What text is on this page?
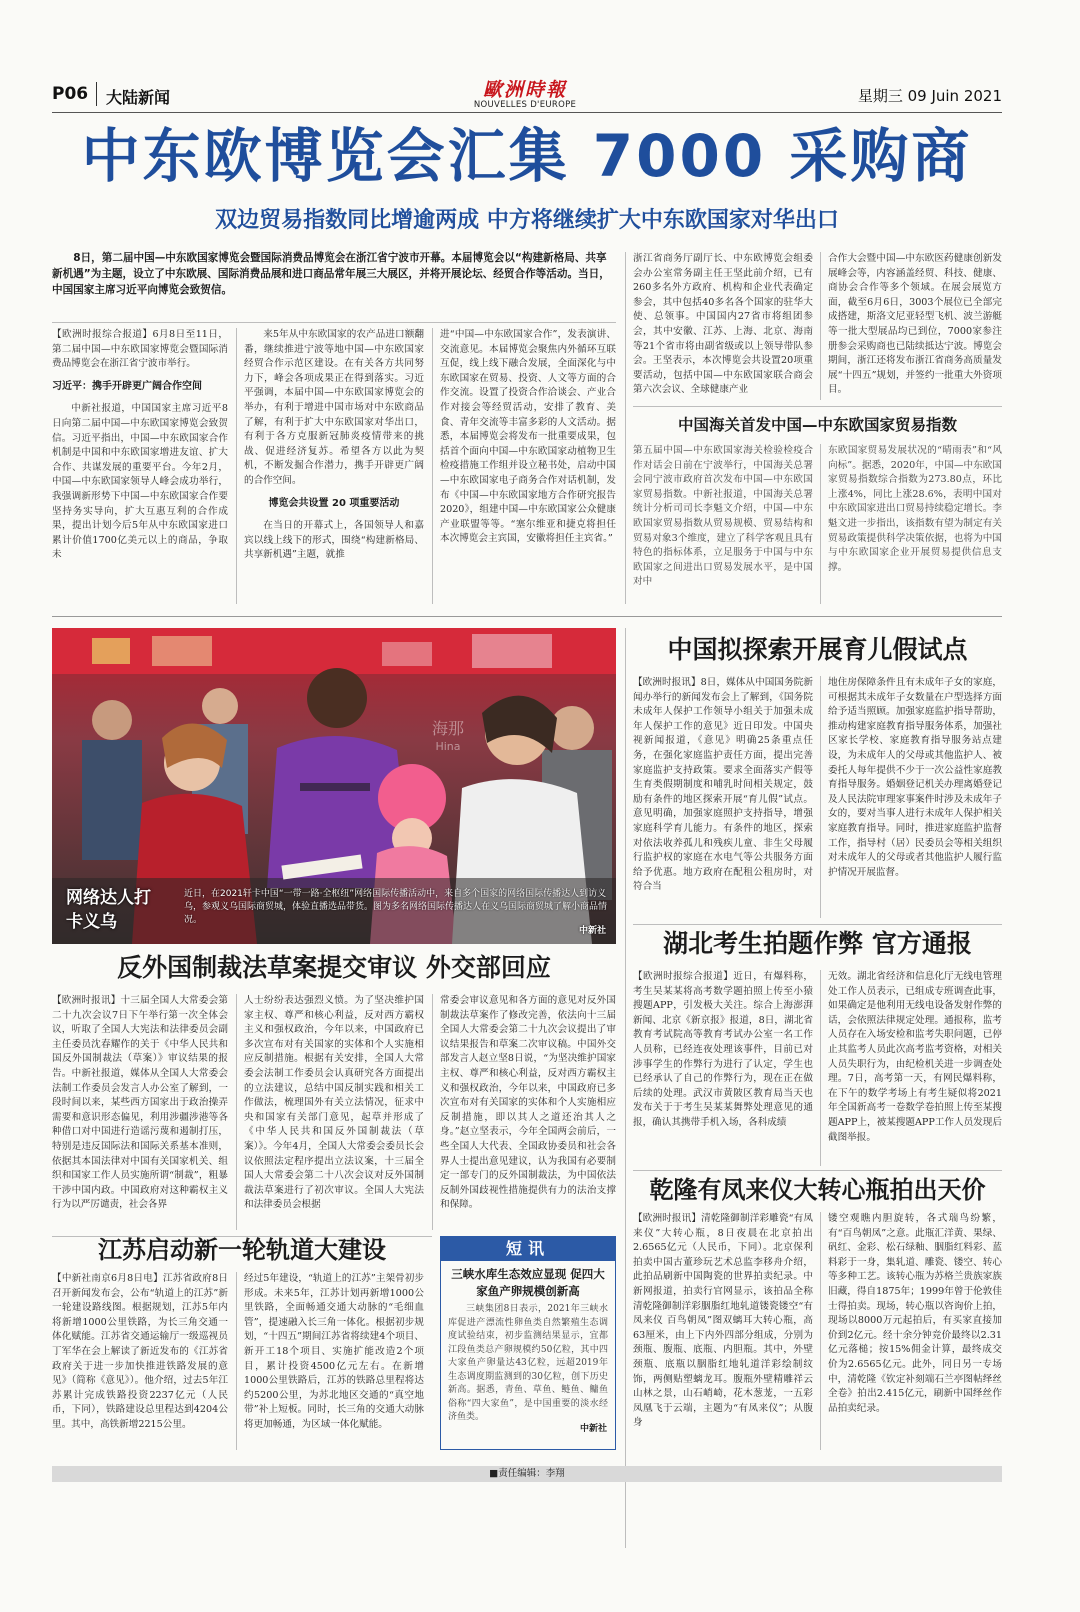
P06 大陆新闻	歐洲時報
NOUVELLES D'EUROPE	星期三 09 Juin 2021
中东欧博览会汇集 7000 采购商
双边贸易指数同比增逾两成 中方将继续扩大中东欧国家对华出口
8日，第二届中国—中东欧国家博览会暨国际消费品博览会在浙江省宁波市开幕。本届博览会以“构建新格局、共享新机遇”为主题，设立了中东欧展、国际消费品展和进口商品常年展三大展区，并将开展论坛、经贸合作等活动。当日，中国国家主席习近平向博览会致贺信。

【欧洲时报综合报道】6月8日至11日，第二届中国—中东欧国家博览会暨国际消费品博览会在浙江省宁波市举行。

习近平：携手开辟更广阔合作空间

中新社报道，中国国家主席习近平8日向第二届中国—中东欧国家博览会致贺信。习近平指出，中国—中东欧国家合作机制是中国和中东欧国家增进友谊、扩大合作、共谋发展的重要平台。今年2月，中国—中东欧国家领导人峰会成功举行，我强调新形势下中国—中东欧国家合作要坚持务实导向，扩大互惠互利的合作成果，提出计划今后5年从中东欧国家进口累计价值1700亿美元以上的商品，争取未

来5年从中东欧国家的农产品进口额翻番，继续推进宁波等地中国—中东欧国家经贸合作示范区建设。在有关各方共同努力下，峰会各项成果正在得到落实。习近平强调，本届中国—中东欧国家博览会的举办，有利于增进中国市场对中东欧商品了解，有利于扩大中东欧国家对华出口，有利于各方克服新冠肺炎疫情带来的挑战、促进经济复苏。希望各方以此为契机，不断发掘合作潜力，携手开辟更广阔的合作空间。

博览会共设置 20 项重要活动

在当日的开幕式上，各国领导人和嘉宾以线上线下的形式，围绕“构建新格局、共享新机遇”主题，就推

进“中国—中东欧国家合作”，发表演讲、交流意见。本届博览会聚焦内外循环互联互促，线上线下融合发展，全面深化与中东欧国家在贸易、投资、人文等方面的合作交流。设置了投资合作洽谈会、产业合作对接会等经贸活动，安排了教育、美食、青年交流等丰富多彩的人文活动。据悉，本届博览会将发布一批重要成果，包括首个面向中国—中东欧国家动植物卫生检疫措施工作组并设立秘书处，启动中国—中东欧国家电子商务合作对话机制，发布《中国—中东欧国家地方合作研究报告2020》，组建中国—中东欧国家公众健康产业联盟等等。“塞尔维亚和捷克将担任本次博览会主宾国，安徽将担任主宾省。”

浙江省商务厅副厅长、中东欧博览会组委会办公室常务副主任王坚此前介绍，已有260多名外方政府、机构和企业代表确定参会，其中包括40多名各个国家的驻华大使、总领事。中国国内27省市将组团参会，其中安徽、江苏、上海、北京、海南等21个省市将由副省级或以上领导带队参会。王坚表示，本次博览会共设置20项重要活动，包括中国—中东欧国家联合商会第六次会议、全球健康产业

合作大会暨中国—中东欧医药健康创新发展峰会等，内容涵盖经贸、科技、健康、商协会合作等多个领域。在展会展览方面，截至6月6日，3003个展位已全部完成搭建，斯洛文尼亚轻型飞机、波兰游艇等一批大型展品均已到位，7000家参注册参会采购商也已陆续抵达宁波。博览会期间，浙江还将发布浙江省商务高质量发展“十四五”规划，并签约一批重大外资项目。

中国海关首发中国—中东欧国家贸易指数

第五届中国—中东欧国家海关检验检疫合作对话会日前在宁波举行，中国海关总署会同宁波市政府首次发布中国—中东欧国家贸易指数。中新社报道，中国海关总署统计分析司司长李魁文介绍，中国—中东欧国家贸易指数从贸易规模、贸易结构和贸易对象3个维度，建立了科学客观且具有特色的指标体系，立足服务于中国与中东欧国家之间进出口贸易发展水平，是中国对中

东欧国家贸易发展状况的“晴雨表”和“风向标”。据悉，2020年，中国—中东欧国家贸易指数综合指数为273.80点，环比上涨4%，同比上涨28.6%，表明中国对中东欧国家进出口贸易持续稳定增长。李魁文进一步指出，该指数有望为制定有关贸易政策提供科学决策依据，也将为中国与中东欧国家企业开展贸易提供信息支撑。

海那
Hina
网络达人打卡义乌
近日，在2021轩卡中国“一带一路·全枢纽”网络国际传播活动中，来自多个国家的网络国际传播达人到访义乌，参观义乌国际商贸城，体验直播选品带货。图为多名网络国际传播达人在义乌国际商贸城了解小商品情况。
中新社
中国拟探索开展育儿假试点

【欧洲时报讯】8日，媒体从中国国务院新闻办举行的新闻发布会上了解到，《国务院未成年人保护工作领导小组关于加强未成年人保护工作的意见》近日印发。中国央视新闻报道，《意见》明确25条重点任务，在强化家庭监护责任方面，提出完善家庭监护支持政策。要求全面落实产假等生育类假期制度和哺乳时间相关规定，鼓励有条件的地区探索开展“育儿假”试点。意见明确，加强家庭照护支持指导，增强家庭科学育儿能力。有条件的地区，探索对依法收养孤儿和残疾儿童、非生父母履行监护权的家庭在水电气等公共服务方面给予优惠。地方政府在配租公租房时，对符合当

地住房保障条件且有未成年子女的家庭，可根据其未成年子女数量在户型选择方面给予适当照顾。加强家庭监护指导帮助，推动构建家庭教育指导服务体系，加强社区家长学校、家庭教育指导服务站点建设，为未成年人的父母或其他监护人、被委托人每年提供不少于一次公益性家庭教育指导服务。婚姻登记机关办理离婚登记及人民法院审理家事案件时涉及未成年子女的，要对当事人进行未成年人保护相关家庭教育指导。同时，推进家庭监护监督工作，指导村（居）民委员会等相关组织对未成年人的父母或者其他监护人履行监护情况开展监督。

反外国制裁法草案提交审议 外交部回应

【欧洲时报讯】十三届全国人大常委会第二十九次会议7日下午举行第一次全体会议，听取了全国人大宪法和法律委员会副主任委员沈春耀作的关于《中华人民共和国反外国制裁法（草案）》审议结果的报告。中新社报道，媒体从全国人大常委会法制工作委员会发言人办公室了解到，一段时间以来，某些西方国家出于政治操弄需要和意识形态偏见，利用涉疆涉港等各种借口对中国进行造谣污蔑和遏制打压，特别是违反国际法和国际关系基本准则，依据其本国法律对中国有关国家机关、组织和国家工作人员实施所谓“制裁”，粗暴干涉中国内政。中国政府对这种霸权主义行为以严厉谴责，社会各界

人士纷纷表达强烈义愤。为了坚决维护国家主权、尊严和核心利益，反对西方霸权主义和强权政治，今年以来，中国政府已多次宣布对有关国家的实体和个人实施相应反制措施。根据有关安排，全国人大常委会法制工作委员会认真研究各方面提出的立法建议，总结中国反制实践和相关工作做法，梳理国外有关立法情况，征求中央和国家有关部门意见，起草并形成了《中华人民共和国反外国制裁法（草案）》。今年4月，全国人大常委会委员长会议依照法定程序提出立法议案，十三届全国人大常委会第二十八次会议对反外国制裁法草案进行了初次审议。全国人大宪法和法律委员会根据

常委会审议意见和各方面的意见对反外国制裁法草案作了修改完善，依法向十三届全国人大常委会第二十九次会议提出了审议结果报告和草案二次审议稿。中国外交部发言人赵立坚8日说，“为坚决维护国家主权、尊严和核心利益，反对西方霸权主义和强权政治，今年以来，中国政府已多次宣布对有关国家的实体和个人实施相应反制措施，即以其人之道还治其人之身。”赵立坚表示，今年全国两会前后，一些全国人大代表、全国政协委员和社会各界人士提出意见建议，认为我国有必要制定一部专门的反外国制裁法，为中国依法反制外国歧视性措施提供有力的法治支撑和保障。

湖北考生拍题作弊 官方通报

【欧洲时报综合报道】近日，有爆料称，考生吴某某将高考数学题拍照上传至小猿搜题APP，引发极大关注。综合上海澎湃新闻、北京《新京报》报道，8日，湖北省教育考试院高等教育考试办公室一名工作人员称，已经连夜处理该事件，目前已对涉事学生的作弊行为进行了认定，学生也已经承认了自己的作弊行为，现在正在做后续的处理。武汉市黄陂区教育局当天也发布关于于考生吴某某舞弊处理意见的通报，确认其携带手机入场，各科成绩

无效。湖北省经济和信息化厅无线电管理处工作人员表示，已组成专班调查此事，如果确定是他利用无线电设备发射作弊的话，会依照法律规定处理。通报称，监考人员存在入场安检和监考失职问题，已停止其监考人员此次高考监考资格，对相关人员失职行为，由纪检机关进一步调查处理。7日，高考第一天，有网民爆料称，在下午的数学考场上有考生疑似将2021年全国新高考一卷数学卷拍照上传至某搜题APP上，被某搜题APP工作人员发现后截图举报。

江苏启动新一轮轨道大建设

【中新社南京6月8日电】江苏省政府8日召开新闻发布会，公布“轨道上的江苏”新一轮建设路线图。根据规划，江苏5年内将新增1000公里铁路，为长三角交通一体化赋能。江苏省交通运输厅一级巡视员丁军华在会上解读了新近发布的《江苏省政府关于进一步加快推进铁路发展的意见》（简称《意见》）。他介绍，过去5年江苏累计完成铁路投资2237亿元（人民币，下同），铁路建设总里程达到4204公里。其中，高铁新增2215公里。

经过5年建设，“轨道上的江苏”主架骨初步形成。未来5年，江苏计划再新增1000公里铁路，全面畅通交通大动脉的“毛细血管”，提速融入长三角一体化。根据初步规划，“十四五”期间江苏省将续建4个项目、新开工18个项目、实施扩能改造2个项目，累计投资4500亿元左右。在新增1000公里铁路后，江苏的铁路总里程将达约5200公里，为苏北地区交通的“真空地带”补上短板。同时，长三角的交通大动脉将更加畅通，为区域一体化赋能。

短讯
三峡水库生态效应显现 促四大家鱼产卵规模创新高

三峡集团8日表示，2021年三峡水库促进产漂流性卵鱼类自然繁殖生态调度试验结束，初步监测结果显示，宜都江段鱼类总产卵规模约50亿粒，其中四大家鱼产卵量达43亿粒，远超2019年生态调度期监测到的30亿粒，创下历史新高。据悉，青鱼、草鱼、鲢鱼、鳙鱼俗称“四大家鱼”，是中国重要的淡水经济鱼类。

中新社
乾隆有凤来仪大转心瓶拍出天价

【欧洲时报讯】清乾隆御制洋彩雕瓷“有凤来仪”大转心瓶，8日夜晨在北京拍出2.6565亿元（人民币，下同）。北京保利拍卖中国古董珍玩艺术总监李移舟介绍，此拍品刷新中国陶瓷的世界拍卖纪录。中新网报道，拍卖行官网显示，该拍品全称清乾隆御制洋彩胭脂红地轧道镂瓷镂空“有凤来仪 百鸟朝凤”图双螭耳大转心瓶，高63厘米，由上下内外四部分组成，分别为颈瓶、腹瓶、底瓶、内胆瓶。其中，外壁颈瓶、底瓶以胭脂红地轧道洋彩绘制纹饰，两侧贴塑螭龙耳。腹瓶外壁精雕祥云山林之景，山石峭崎，花木葱茏，一五彩凤凰飞于云端，主题为“有凤来仪”；从腹身

镂空观瞧内胆旋转，各式瑞鸟纷繁，有“百鸟朝凤”之意。此瓶汇洋黄、果绿、矾红、金彩、松石绿釉、胭脂红料彩、蓝料彩于一身，集轧道、雕瓷、镂空、转心等多种工艺。该转心瓶为苏格兰贵族家族旧藏，得自1875年；1999年曾于伦敦佳士得拍卖。现场，转心瓶以咨询价上拍，现场以8000万元起拍后，有买家直接加价到2亿元。经十余分钟竞价最终以2.31亿元落槌；按15%佣金计算，最终成交价为2.6565亿元。此外，同日另一专场中，清乾隆《钦定补刻端石兰亭图帖绎丝全卷》拍出2.415亿元，刷新中国绎丝作品拍卖纪录。

■责任编辑：李翔
